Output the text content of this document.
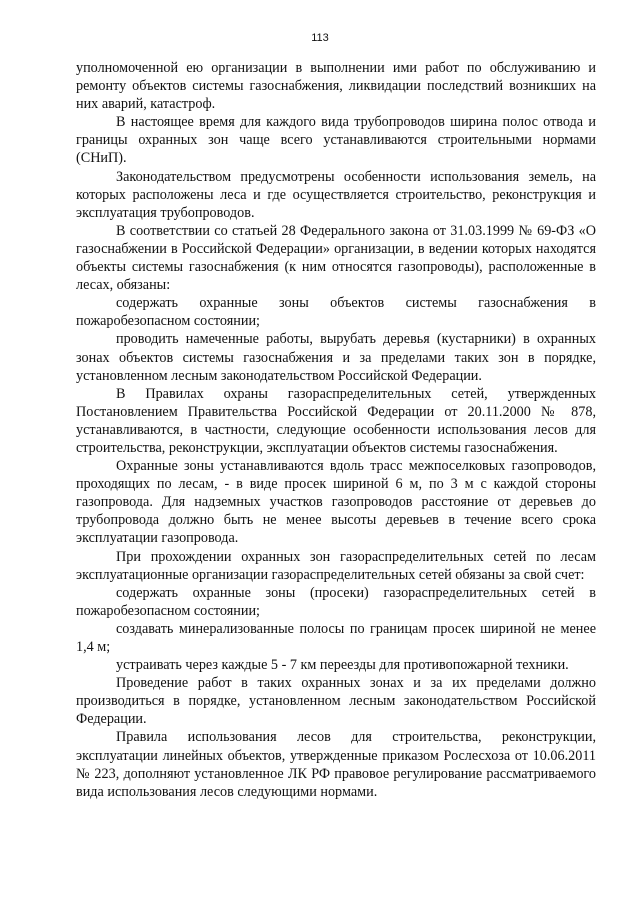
113

уполномоченной ею организации в выполнении ими работ по обслуживанию и ремонту объектов системы газоснабжения, ликвидации последствий возникших на них аварий, катастроф.

В настоящее время для каждого вида трубопроводов ширина полос отвода и границы охранных зон чаще всего устанавливаются строительными нормами (СНиП).

Законодательством предусмотрены особенности использования земель, на которых расположены леса и где осуществляется строительство, реконструкция и эксплуатация трубопроводов.

В соответствии со статьей 28 Федерального закона от 31.03.1999 № 69-ФЗ «О газоснабжении в Российской Федерации» организации, в ведении которых находятся объекты системы газоснабжения (к ним относятся газопроводы), расположенные в лесах, обязаны:

содержать охранные зоны объектов системы газоснабжения в пожаробезопасном состоянии;

проводить намеченные работы, вырубать деревья (кустарники) в охранных зонах объектов системы газоснабжения и за пределами таких зон в порядке, установленном лесным законодательством Российской Федерации.

В Правилах охраны газораспределительных сетей, утвержденных Постановлением Правительства Российской Федерации от 20.11.2000 № 878, устанавливаются, в частности, следующие особенности использования лесов для строительства, реконструкции, эксплуатации объектов системы газоснабжения.

Охранные зоны устанавливаются вдоль трасс межпоселковых газопроводов, проходящих по лесам, - в виде просек шириной 6 м, по 3 м с каждой стороны газопровода. Для надземных участков газопроводов расстояние от деревьев до трубопровода должно быть не менее высоты деревьев в течение всего срока эксплуатации газопровода.

При прохождении охранных зон газораспределительных сетей по лесам эксплуатационные организации газораспределительных сетей обязаны за свой счет:

содержать охранные зоны (просеки) газораспределительных сетей в пожаробезопасном состоянии;

создавать минерализованные полосы по границам просек шириной не менее 1,4 м;

устраивать через каждые 5 - 7 км переезды для противопожарной техники.

Проведение работ в таких охранных зонах и за их пределами должно производиться в порядке, установленном лесным законодательством Российской Федерации.

Правила использования лесов для строительства, реконструкции, эксплуатации линейных объектов, утвержденные приказом Рослесхоза от 10.06.2011 № 223, дополняют установленное ЛК РФ правовое регулирование рассматриваемого вида использования лесов следующими нормами.
